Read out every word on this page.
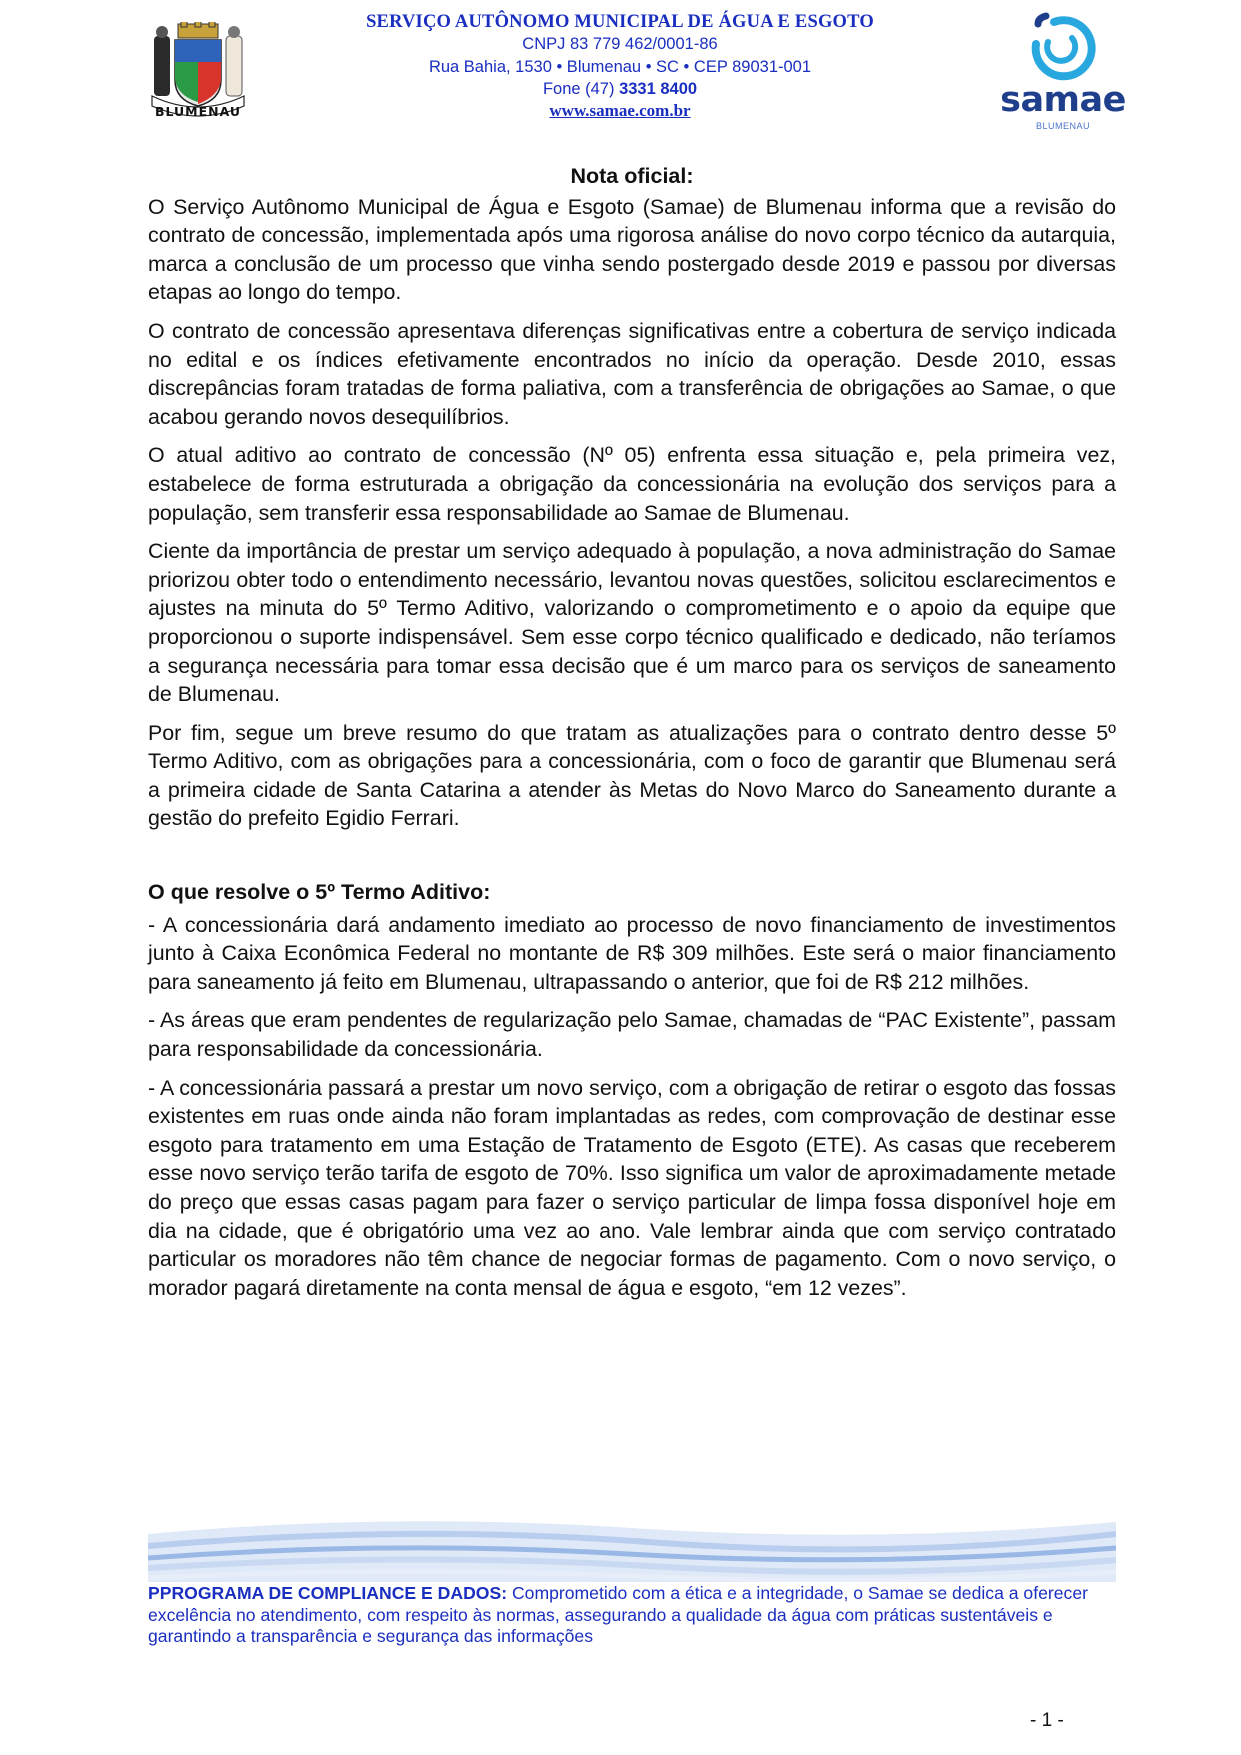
BLUMENAU
SERVIÇO AUTÔNOMO MUNICIPAL DE ÁGUA E ESGOTO
CNPJ 83 779 462/0001-86
Rua Bahia, 1530 • Blumenau • SC • CEP 89031-001
Fone (47) 3331 8400
www.samae.com.br	samae
BLUMENAU
Nota oficial:

O Serviço Autônomo Municipal de Água e Esgoto (Samae) de Blumenau informa que a revisão do contrato de concessão, implementada após uma rigorosa análise do novo corpo técnico da autarquia, marca a conclusão de um processo que vinha sendo postergado desde 2019 e passou por diversas etapas ao longo do tempo.

O contrato de concessão apresentava diferenças significativas entre a cobertura de serviço indicada no edital e os índices efetivamente encontrados no início da operação. Desde 2010, essas discrepâncias foram tratadas de forma paliativa, com a transferência de obrigações ao Samae, o que acabou gerando novos desequilíbrios.

O atual aditivo ao contrato de concessão (Nº 05) enfrenta essa situação e, pela primeira vez, estabelece de forma estruturada a obrigação da concessionária na evolução dos serviços para a população, sem transferir essa responsabilidade ao Samae de Blumenau.

Ciente da importância de prestar um serviço adequado à população, a nova administração do Samae priorizou obter todo o entendimento necessário, levantou novas questões, solicitou esclarecimentos e ajustes na minuta do 5º Termo Aditivo, valorizando o comprometimento e o apoio da equipe que proporcionou o suporte indispensável. Sem esse corpo técnico qualificado e dedicado, não teríamos a segurança necessária para tomar essa decisão que é um marco para os serviços de saneamento de Blumenau.

Por fim, segue um breve resumo do que tratam as atualizações para o contrato dentro desse 5º Termo Aditivo, com as obrigações para a concessionária, com o foco de garantir que Blumenau será a primeira cidade de Santa Catarina a atender às Metas do Novo Marco do Saneamento durante a gestão do prefeito Egidio Ferrari.

O que resolve o 5º Termo Aditivo:

- A concessionária dará andamento imediato ao processo de novo financiamento de investimentos junto à Caixa Econômica Federal no montante de R$ 309 milhões. Este será o maior financiamento para saneamento já feito em Blumenau, ultrapassando o anterior, que foi de R$ 212 milhões.

- As áreas que eram pendentes de regularização pelo Samae, chamadas de “PAC Existente”, passam para responsabilidade da concessionária.

- A concessionária passará a prestar um novo serviço, com a obrigação de retirar o esgoto das fossas existentes em ruas onde ainda não foram implantadas as redes, com comprovação de destinar esse esgoto para tratamento em uma Estação de Tratamento de Esgoto (ETE). As casas que receberem esse novo serviço terão tarifa de esgoto de 70%. Isso significa um valor de aproximadamente metade do preço que essas casas pagam para fazer o serviço particular de limpa fossa disponível hoje em dia na cidade, que é obrigatório uma vez ao ano. Vale lembrar ainda que com serviço contratado particular os moradores não têm chance de negociar formas de pagamento. Com o novo serviço, o morador pagará diretamente na conta mensal de água e esgoto, “em 12 vezes”.

PPROGRAMA DE COMPLIANCE E DADOS: Comprometido com a ética e a integridade, o Samae se dedica a oferecer excelência no atendimento, com respeito às normas, assegurando a qualidade da água com práticas sustentáveis e garantindo a transparência e segurança das informações
- 1 -
